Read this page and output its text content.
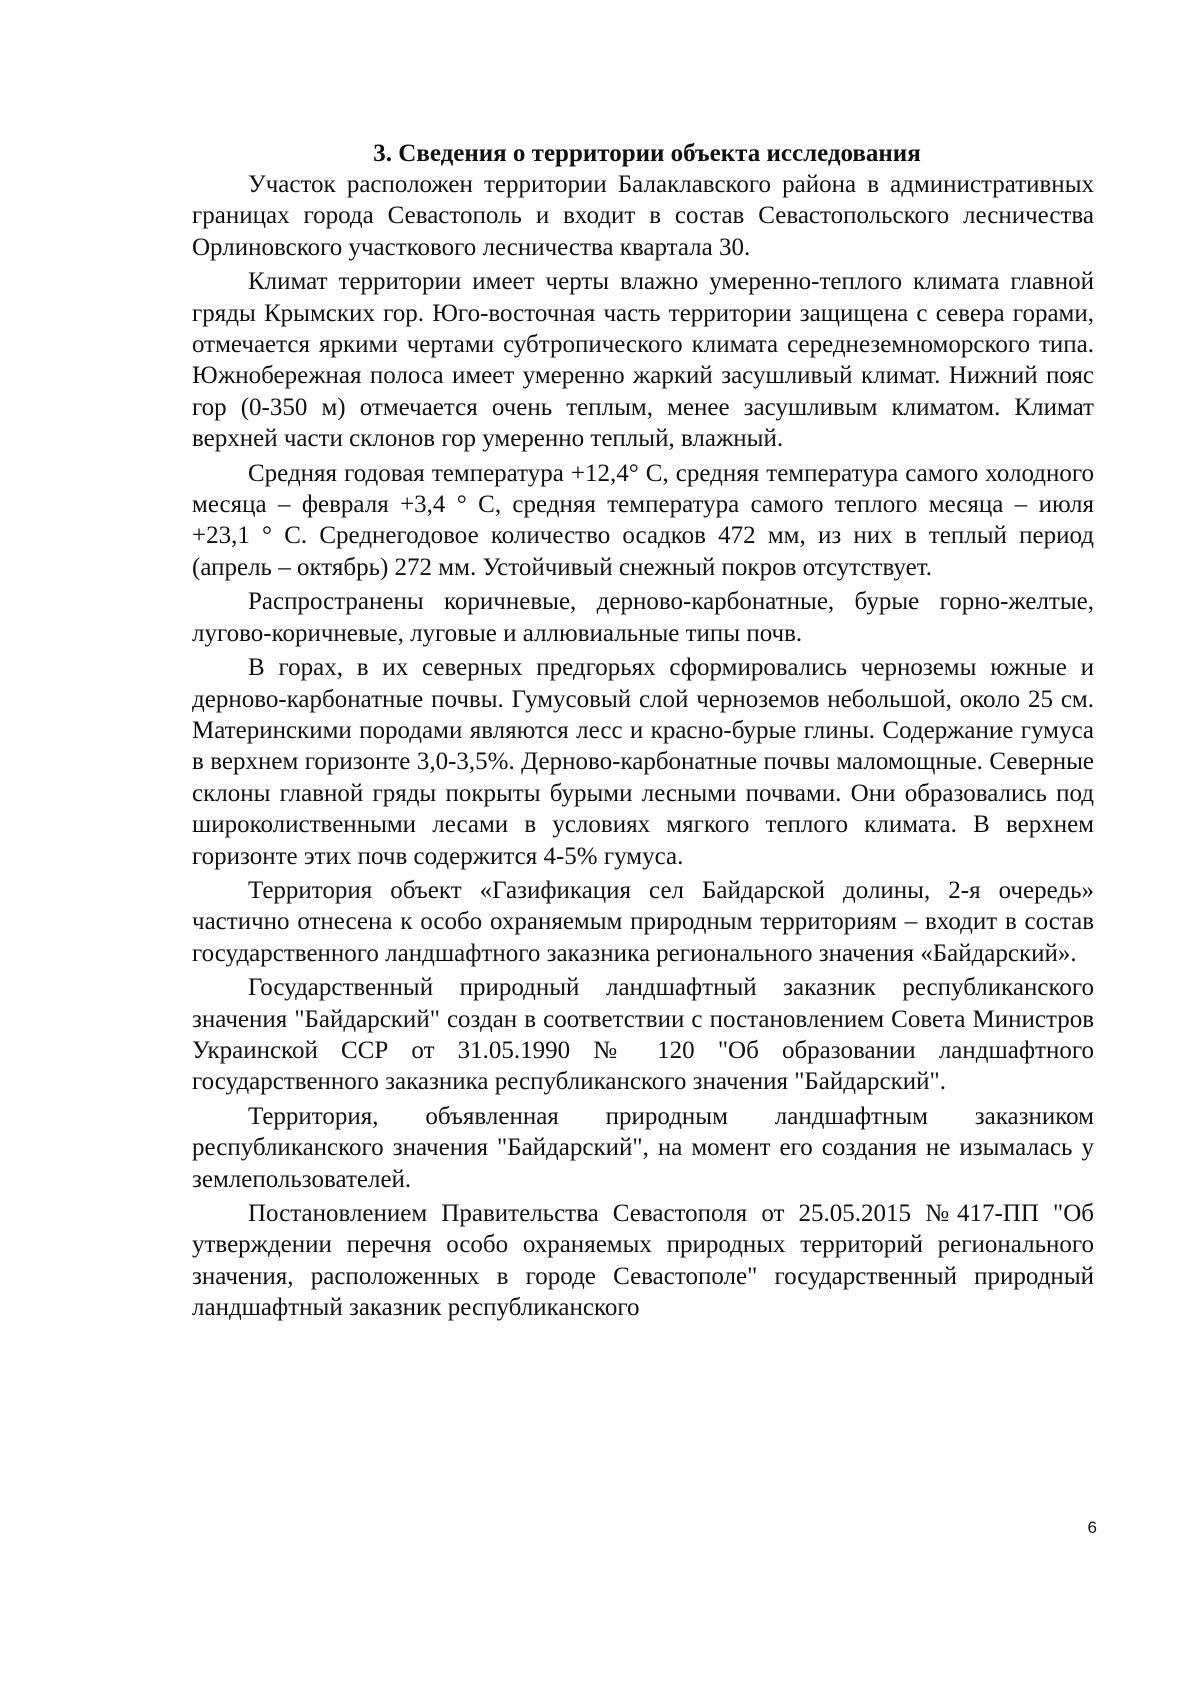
3. Сведения о территории объекта исследования

Участок расположен территории Балаклавского района в административных границах города Севастополь и входит в состав Севастопольского лесничества Орлиновского участкового лесничества квартала 30.

Климат территории имеет черты влажно умеренно-теплого климата главной гряды Крымских гор. Юго-восточная часть территории защищена с севера горами, отмечается яркими чертами субтропического климата середнеземноморского типа. Южнобережная полоса имеет умеренно жаркий засушливый климат. Нижний пояс гор (0-350 м) отмечается очень теплым, менее засушливым климатом. Климат верхней части склонов гор умеренно теплый, влажный.

Средняя годовая температура +12,4° С, средняя температура самого холодного месяца – февраля +3,4 ° С, средняя температура самого теплого месяца – июля +23,1 ° С. Среднегодовое количество осадков 472 мм, из них в теплый период (апрель – октябрь) 272 мм. Устойчивый снежный покров отсутствует.

Распространены коричневые, дерново-карбонатные, бурые горно-желтые, лугово-коричневые, луговые и аллювиальные типы почв.

В горах, в их северных предгорьях сформировались черноземы южные и дерново-карбонатные почвы. Гумусовый слой черноземов небольшой, около 25 см. Материнскими породами являются лесс и красно-бурые глины. Содержание гумуса в верхнем горизонте 3,0-3,5%. Дерново-карбонатные почвы маломощные. Северные склоны главной гряды покрыты бурыми лесными почвами. Они образовались под широколиственными лесами в условиях мягкого теплого климата. В верхнем горизонте этих почв содержится 4-5% гумуса.

Территория объект «Газификация сел Байдарской долины, 2-я очередь» частично отнесена к особо охраняемым природным территориям – входит в состав государственного ландшафтного заказника регионального значения «Байдарский».

Государственный природный ландшафтный заказник республиканского значения "Байдарский" создан в соответствии с постановлением Совета Министров Украинской ССР от 31.05.1990 № 120 "Об образовании ландшафтного государственного заказника республиканского значения "Байдарский".

Территория, объявленная природным ландшафтным заказником республиканского значения "Байдарский", на момент его создания не изымалась у землепользователей.

Постановлением Правительства Севастополя от 25.05.2015 №417-ПП "Об утверждении перечня особо охраняемых природных территорий регионального значения, расположенных в городе Севастополе" государственный природный ландшафтный заказник республиканского

6
